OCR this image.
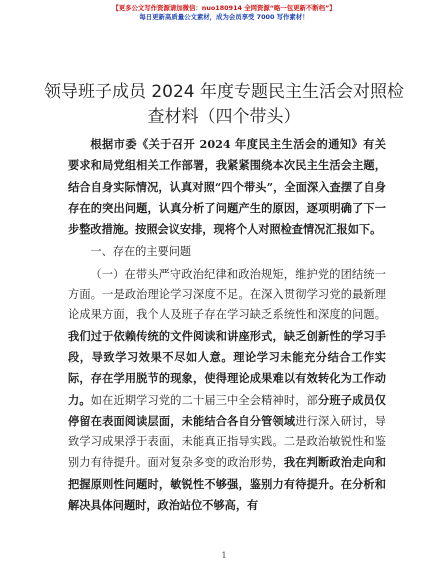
【更多公文写作资源请加微信：nuo180914 全网资源“略一包更新不断档”】
每日更新高质量公文素材，成为会员享受 7000 写作素材！
领导班子成员 2024 年度专题民主生活会对照检
查材料（四个带头）

根据市委《关于召开 2024 年度民主生活会的通知》有关要求和局党组相关工作部署，我紧紧围绕本次民主生活会主题，结合自身实际情况，认真对照“四个带头”，全面深入查摆了自身存在的突出问题，认真分析了问题产生的原因，逐项明确了下一步整改措施。按照会议安排，现将个人对照检查情况汇报如下。

一、存在的主要问题

（一）在带头严守政治纪律和政治规矩，维护党的团结统一方面。一是政治理论学习深度不足。在深入贯彻学习党的最新理论成果方面，我个人及班子存在学习缺乏系统性和深度的问题。我们过于依赖传统的文件阅读和讲座形式，缺乏创新性的学习手段，导致学习效果不尽如人意。理论学习未能充分结合工作实际，存在学用脱节的现象，使得理论成果难以有效转化为工作动力。如在近期学习党的二十届三中全会精神时，部分班子成员仅停留在表面阅读层面，未能结合各自分管领域进行深入研讨，导致学习成果浮于表面，未能真正指导实践。二是政治敏锐性和鉴别力有待提升。面对复杂多变的政治形势，我在判断政治走向和把握原则性问题时，敏锐性不够强，鉴别力有待提升。在分析和解决具体问题时，政治站位不够高，有

1
